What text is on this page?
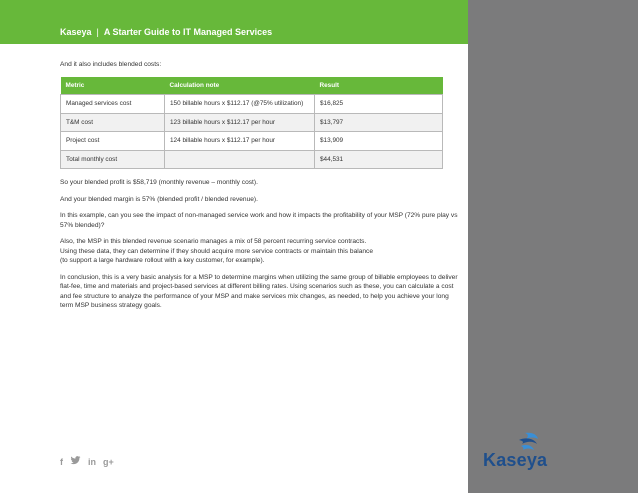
Kaseya | A Starter Guide to IT Managed Services

And it also includes blended costs:

Metric	Calculation note	Result
Managed services cost	150 billable hours x $112.17 (@75% utilization)	$16,825
T&M cost	123 billable hours x $112.17 per hour	$13,797
Project cost	124 billable hours x $112.17 per hour	$13,909
Total monthly cost		$44,531

So your blended profit is $58,719 (monthly revenue – monthly cost).

And your blended margin is 57% (blended profit / blended revenue).

In this example, can you see the impact of non-managed service work and how it impacts the profitability of your MSP (72% pure play vs 57% blended)?

Also, the MSP in this blended revenue scenario manages a mix of 58 percent recurring service contracts.
Using these data, they can determine if they should acquire more service contracts or maintain this balance
(to support a large hardware rollout with a key customer, for example).

In conclusion, this is a very basic analysis for a MSP to determine margins when utilizing the same group of billable employees to deliver flat-fee, time and materials and project-based services at different billing rates. Using scenarios such as these, you can calculate a cost and fee structure to analyze the performance of your MSP and make services mix changes, as needed, to help you achieve your long term MSP business strategy goals.

f	in g+	Kaseya
